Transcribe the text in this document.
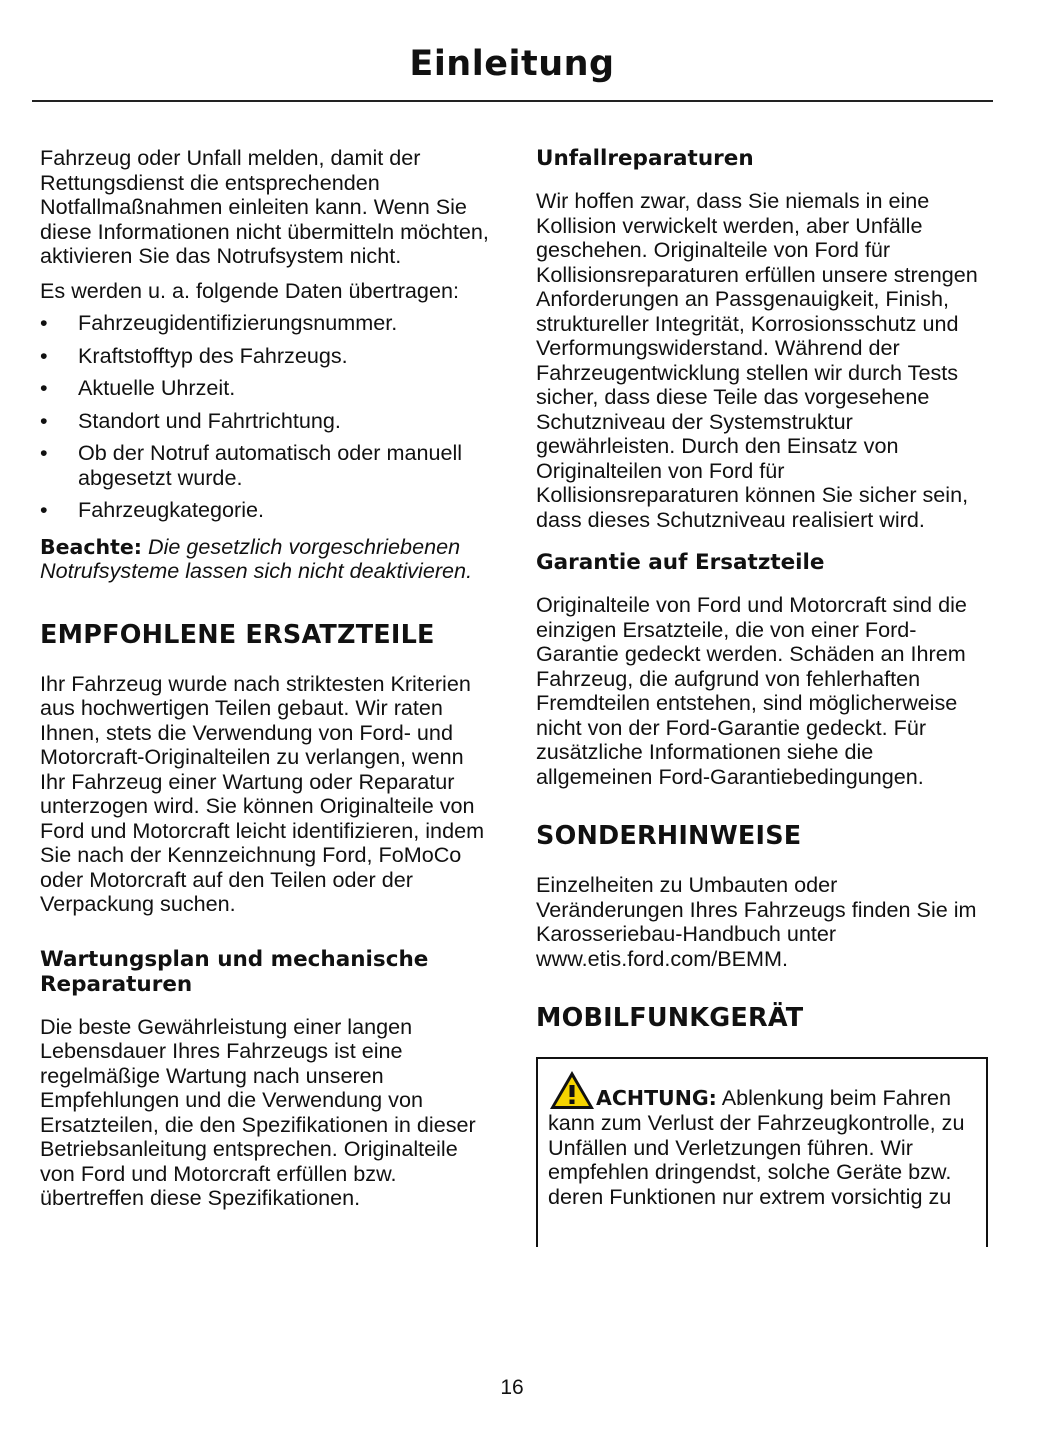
Einleitung

Fahrzeug oder Unfall melden, damit der Rettungsdienst die entsprechenden Notfallmaßnahmen einleiten kann. Wenn Sie diese Informationen nicht übermitteln möchten, aktivieren Sie das Notrufsystem nicht.

Es werden u. a. folgende Daten übertragen:

• Fahrzeugidentifizierungsnummer.
• Kraftstofftyp des Fahrzeugs.
• Aktuelle Uhrzeit.
• Standort und Fahrtrichtung.
• Ob der Notruf automatisch oder manuell abgesetzt wurde.
• Fahrzeugkategorie.

Beachte: Die gesetzlich vorgeschriebenen Notrufsysteme lassen sich nicht deaktivieren.

EMPFOHLENE ERSATZTEILE

Ihr Fahrzeug wurde nach striktesten Kriterien aus hochwertigen Teilen gebaut. Wir raten Ihnen, stets die Verwendung von Ford- und Motorcraft-Originalteilen zu verlangen, wenn Ihr Fahrzeug einer Wartung oder Reparatur unterzogen wird. Sie können Originalteile von Ford und Motorcraft leicht identifizieren, indem Sie nach der Kennzeichnung Ford, FoMoCo oder Motorcraft auf den Teilen oder der Verpackung suchen.

Wartungsplan und mechanische Reparaturen

Die beste Gewährleistung einer langen Lebensdauer Ihres Fahrzeugs ist eine regelmäßige Wartung nach unseren Empfehlungen und die Verwendung von Ersatzteilen, die den Spezifikationen in dieser Betriebsanleitung entsprechen. Originalteile von Ford und Motorcraft erfüllen bzw. übertreffen diese Spezifikationen.

Unfallreparaturen

Wir hoffen zwar, dass Sie niemals in eine Kollision verwickelt werden, aber Unfälle geschehen. Originalteile von Ford für Kollisionsreparaturen erfüllen unsere strengen Anforderungen an Passgenauigkeit, Finish, struktureller Integrität, Korrosionsschutz und Verformungswiderstand. Während der Fahrzeugentwicklung stellen wir durch Tests sicher, dass diese Teile das vorgesehene Schutzniveau der Systemstruktur gewährleisten. Durch den Einsatz von Originalteilen von Ford für Kollisionsreparaturen können Sie sicher sein, dass dieses Schutzniveau realisiert wird.

Garantie auf Ersatzteile

Originalteile von Ford und Motorcraft sind die einzigen Ersatzteile, die von einer Ford-Garantie gedeckt werden. Schäden an Ihrem Fahrzeug, die aufgrund von fehlerhaften Fremdteilen entstehen, sind möglicherweise nicht von der Ford-Garantie gedeckt. Für zusätzliche Informationen siehe die allgemeinen Ford-Garantiebedingungen.

SONDERHINWEISE

Einzelheiten zu Umbauten oder Veränderungen Ihres Fahrzeugs finden Sie im Karosseriebau-Handbuch unter www.etis.ford.com/BEMM.

MOBILFUNKGERÄT

ACHTUNG: Ablenkung beim Fahren kann zum Verlust der Fahrzeugkontrolle, zu Unfällen und Verletzungen führen. Wir empfehlen dringendst, solche Geräte bzw. deren Funktionen nur extrem vorsichtig zu

16
